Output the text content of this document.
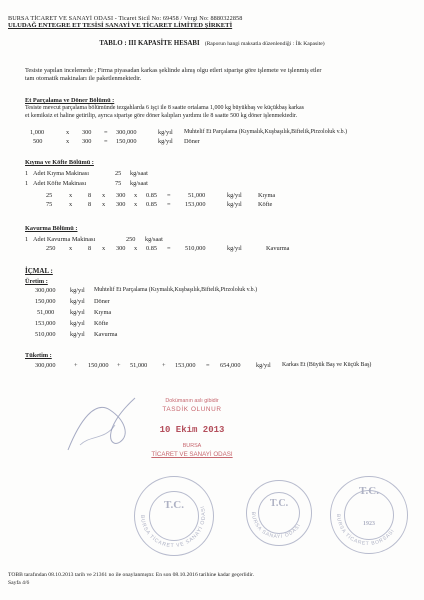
BURSA TİCARET VE SANAYİ ODASI - Ticaret Sicil No: 69458 / Vergi No: 8880322858
ULUDAĞ ENTEGRE ET TESİSİ SANAYİ VE TİCARET LİMİTED ŞİRKETİ
TABLO : III KAPASİTE HESABI (Raporun hangi maksatla düzenlendiği : İlk Kapasite)
Tesiste yapılan incelemede ; Firma piyasadan karkas şeklinde alınış olgu etleri siparişe göre işlemete ve işlenmiş etler
tam otomatik makinaları ile paketlenmektedir.
Et Parçalama ve Döner Bölümü :
Tesiste mevcut parçalama bölümünde tezgahlarda 6 işçi ile 8 saatte ortalama 1,000 kg büyükbaş ve küçükbaş karkas
et kemiksiz et haline getirilip, ayrıca siparişe göre döner kalıpları yardımı ile 8 saatte 500 kg döner işlenmektedir.
1,000	x 300 = 300,000	kg/yıl Muhtelif Et Parçalama (Kıymalık,Kuşbaşılık,Biftelik,Pirzololuk v.b.)
500	x 300 = 150,000	kg/yıl Döner
Kıyma ve Köfte Bölümü :
1 Adet Kıyma Makinası	25 kg/saat
1 Adet Köfte Makinası	75 kg/saat
25	x	8 x 300 x 0.85 =	51,000	kg/yıl	Kıyma
75	x	8 x 300 x 0.85 = 153,000	kg/yıl	Köfte
Kavurma Bölümü :
1 Adet Kavurma Makinası	250 kg/saat
250 x	8 x 300 x 0.85 = 510,000	kg/yıl	Kavurma
İÇMAL :
Üretim :
300,000 kg/yıl Muhtelif Et Parçalama (Kıymalık,Kuşbaşılık,Biftelik,Pirzololuk v.b.)
150,000 kg/yıl Döner
51,000 kg/yıl Kıyma
153,000 kg/yıl Köfte
510,000 kg/yıl Kavurma
Tüketim :
300,000	+ 150,000 + 51,000 + 153,000 = 654,000 kg/yıl Karkas Et (Büyük Baş ve Küçük Baş)
Dokümanın aslı gibidir
TASDİK OLUNUR
10 Ekim 2013
BURSA
TİCARET VE SANAYİ ODASI
T.C.
BURSA TİCARET VE SANAYİ ODASI	T.C.
BURSA SANAYİ ODASI
T.C.
1923
BURSA TİCARET BORSASI
TOBB tarafından 08.10.2013 tarih ve 21361 no ile onaylanmıştır. En son 08.10.2016 tarihine kadar geçerlidir.
Sayfa 4/6
